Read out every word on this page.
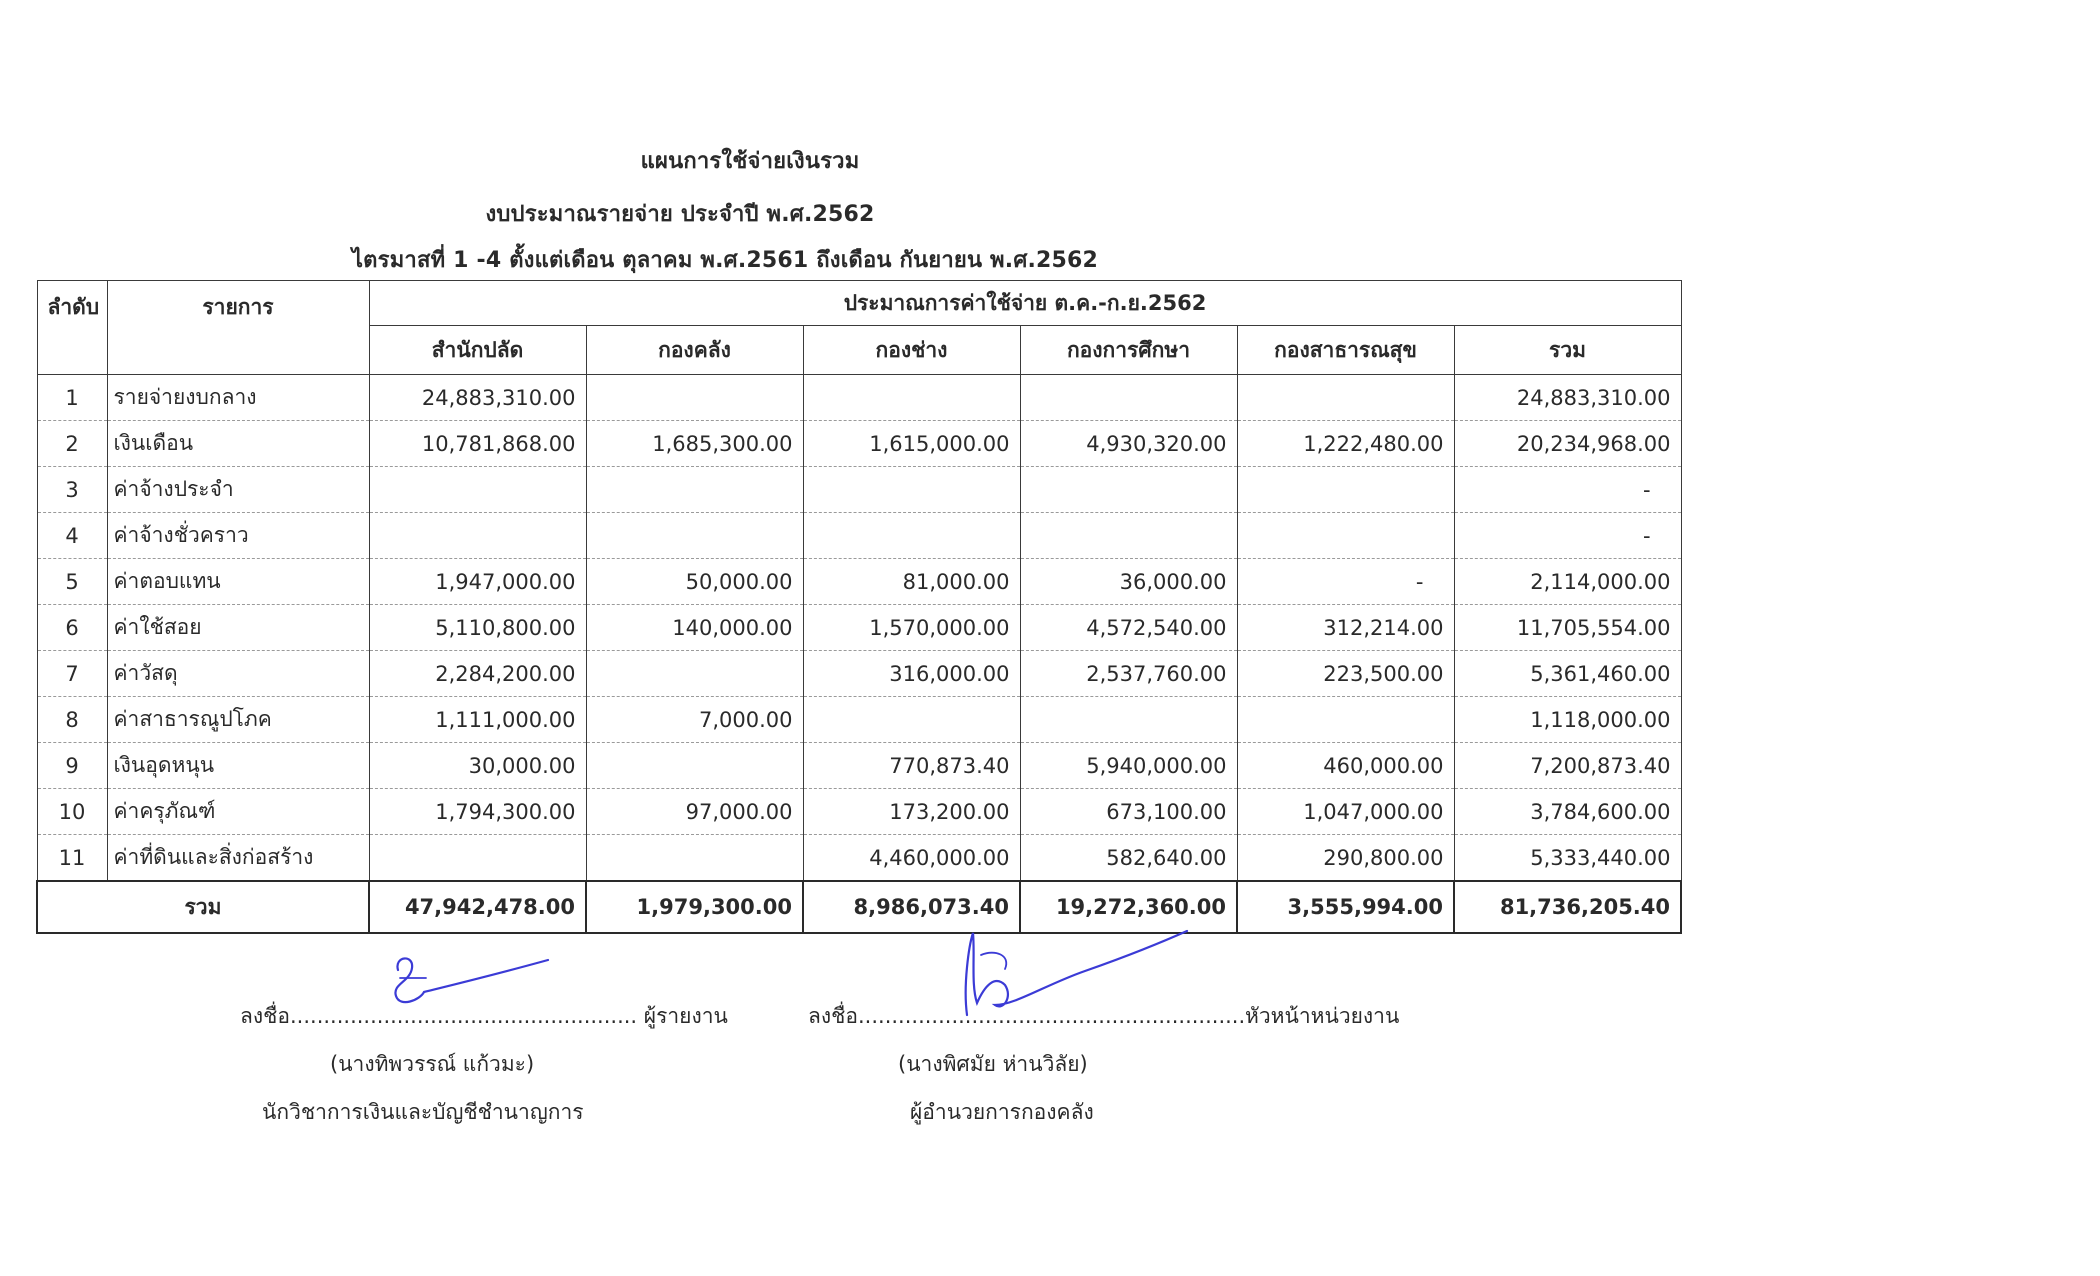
แผนการใช้จ่ายเงินรวม
งบประมาณรายจ่าย ประจำปี พ.ศ.2562
ไตรมาสที่ 1 -4 ตั้งแต่เดือน ตุลาคม พ.ศ.2561 ถึงเดือน กันยายน พ.ศ.2562
ลำดับ	รายการ	ประมาณการค่าใช้จ่าย ต.ค.-ก.ย.2562					
		สำนักปลัด	กองคลัง	กองช่าง	กองการศึกษา	กองสาธารณสุข	รวม
1	รายจ่ายงบกลาง	24,883,310.00					24,883,310.00
2	เงินเดือน	10,781,868.00	1,685,300.00	1,615,000.00	4,930,320.00	1,222,480.00	20,234,968.00
3	ค่าจ้างประจำ						-
4	ค่าจ้างชั่วคราว						-
5	ค่าตอบแทน	1,947,000.00	50,000.00	81,000.00	36,000.00	-	2,114,000.00
6	ค่าใช้สอย	5,110,800.00	140,000.00	1,570,000.00	4,572,540.00	312,214.00	11,705,554.00
7	ค่าวัสดุ	2,284,200.00		316,000.00	2,537,760.00	223,500.00	5,361,460.00
8	ค่าสาธารณูปโภค	1,111,000.00	7,000.00				1,118,000.00
9	เงินอุดหนุน	30,000.00		770,873.40	5,940,000.00	460,000.00	7,200,873.40
10	ค่าครุภัณฑ์	1,794,300.00	97,000.00	173,200.00	673,100.00	1,047,000.00	3,784,600.00
11	ค่าที่ดินและสิ่งก่อสร้าง			4,460,000.00	582,640.00	290,800.00	5,333,440.00
รวม		47,942,478.00	1,979,300.00	8,986,073.40	19,272,360.00	3,555,994.00	81,736,205.40
ลงชื่อ.................................................... ผู้รายงาน
(นางทิพวรรณ์ แก้วมะ)
นักวิชาการเงินและบัญชีชำนาญการ
ลงชื่อ.......................................................... หัวหน้าหน่วยงาน
(นางพิศมัย ห่านวิลัย)
ผู้อำนวยการกองคลัง
